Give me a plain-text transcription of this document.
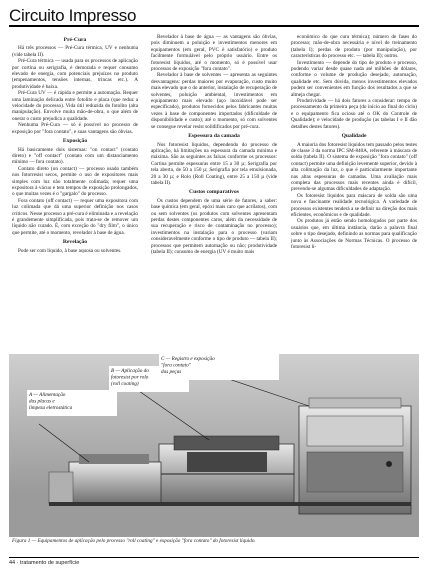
Circuito Impresso
Pré-Cura

Há três processos — Pré-Cura térmica, UV e nenhuma (vide tabela II).

Pré-Cura térmica — usada para os processos de aplicação por cortina ou serigrafia, é demorada e requer consumo elevado de energia, com potenciais prejuízos no produto (empenamentos, tensões internas, trincas etc.). A produtividade é baixa.

Pré-Cura UV — é rápida e permite a automação. Requer uma laminação delicada entre fotolito e placa (que reduz a velocidade do processo). Vida útil reduzida do fotolito (alta manipulação). Envolve muita mão-de-obra, o que além de onerar o custo prejudica a qualidade.

Nenhuma Pré-Cura — só é possível no processo de exposição por "fora contato", e suas vantagens são óbvias.

Exposição

Há basicamente dois sistemas: "on contact" (contato direto) e "off contact" (contato com um distanciamento mínimo — fora contato).

Contato direto (on contact) — processo usado também nos fotorresist secos, permite o uso de expositores mais simples com luz não totalmente colimada; requer uma expositora à vácuo e tem tempos de exposição prolongados, o que muitas vezes é o "gargalo" do processo.

Fora contato (off contact) — requer uma expositora com luz colimada que dá uma superior definição nos casos críticos. Nesse processo a pré-cura é eliminada e a revelação é grandemente simplificada, pois trata-se de remover um líquido não curado. É, com exceção do "dry film", o único que permite, até o momento, revelador à base de água.

Revelação

Pode ser com líquido, à base aquosa ou solventes.

Revelador à base de água — as vantagens são óbvias, pois diminuem a poluição e investimentos menores em equipamentos (em geral, PVC é satisfatório) e produto facilmente formulável pelo próprio usuário. Entre os fotoresist líquidos, até o momento, só é possível usar processos de exposição "fora contato".

Revelador à base de solventes — apresenta as seguintes desvantagens: perdas maiores por evaporação, custo muito mais elevado que o do anterior, instalação de recuperação de solventes, poluição ambiental, investimentos em equipamento mais elevado (aço inoxidável pode ser especificado), produtos fornecidos pelos fabricantes muitas vezes à base de componentes importados (dificuldade de disponibilidade e custo); até o momento, só com solventes se consegue revelar resist solidificados por pré-cura.

Espessura da camada

Nos fotoresist líquidos, dependendo do processo de aplicação, há limitações na espessura da camada mínima e máxima. São as seguintes as faixas conforme os processos: Cortina permite espessuras entre 15 a 30 µ; Serigrafia por tela aberta, de 50 a 150 µ; Serigrafia por tela emulsionada, 20 a 30 µ; e Rolo (Roll Coating), entre 25 a 150 µ (vide tabela II).

Custos comparativos

Os custos dependem de uma série de fatores, a saber: base química (em geral, epóxi mais caro que acrílatos), com ou sem solventes (os produtos com solventes apresentam perdas destes componentes caros, além da necessidade de sua recuperação e risco de contaminação no processo); investimentos na instalação para o processo (variam consideravelmente conforme o tipo de produto — tabela II); processos que permitem automação ou não; produtividade (tabela II); consumo de energia (UV é muito mais

econômico do que cura térmica); número de fases do processo; mão-de-obra necessária e nível de treinamento (tabela I); perdas de produto (por manipulação), por características do processo etc. — tabela II); outros.

Investimento — depende do tipo de produto e processo, podendo variar desde quase nada até milhões de dólares, conforme o volume de produção desejado, automação, qualidade etc. Sem dúvida, menos investimentos elevados podem ser convenientes em função dos resultados a que se almeja chegar.

Produtividade — há dois fatores a considerar: tempo de processamento da primeira peça (do início ao final do ciclo) e o equipamento fica ocioso até o OK do Controle de Qualidade); e velocidade de produção (as tabelas I e II dão detalhes destes fatores).

Qualidade

A maioria dos fotoresist líquidos tem passado pelos testes de classe 3 da norma IPC SM-840A, referente à máscara de solda (tabela II). O sistema de exposição "fora contato" (off contact) permite uma definição levemente superior, devido à alta colimação da luz, o que é particularmente importante nas altas espessuras de camadas. Uma avaliação mais completa das processos mais recentes ainda é difícil, prevendo-se algumas dificuldades de adaptação.

Os fotoresist líquidos para máscara de solda são uma nova e fascinante realidade tecnológica. A variedade de processos existentes tenderá a se definir na direção dos mais eficientes, econômicos e de qualidade.

Os produtos já estão sendo homologados por parte dos usuários que, em última instância, darão a palavra final sobre o tipo desejado, definindo as normas para qualificação junto às Associações de Normas Técnicas. O processo de fotoresist lí-

C — Registro e exposição "fora contato" das peças
B — Aplicação do fotoresist por rolo (roll coating)
A — Alimentação das placas e limpeza eletrostática
Figura 1 — Equipamentos de aplicação pelo processo "roll coating" e exposição "fora contato" do fotoresist líquido.
44 · tratamento de superfície
